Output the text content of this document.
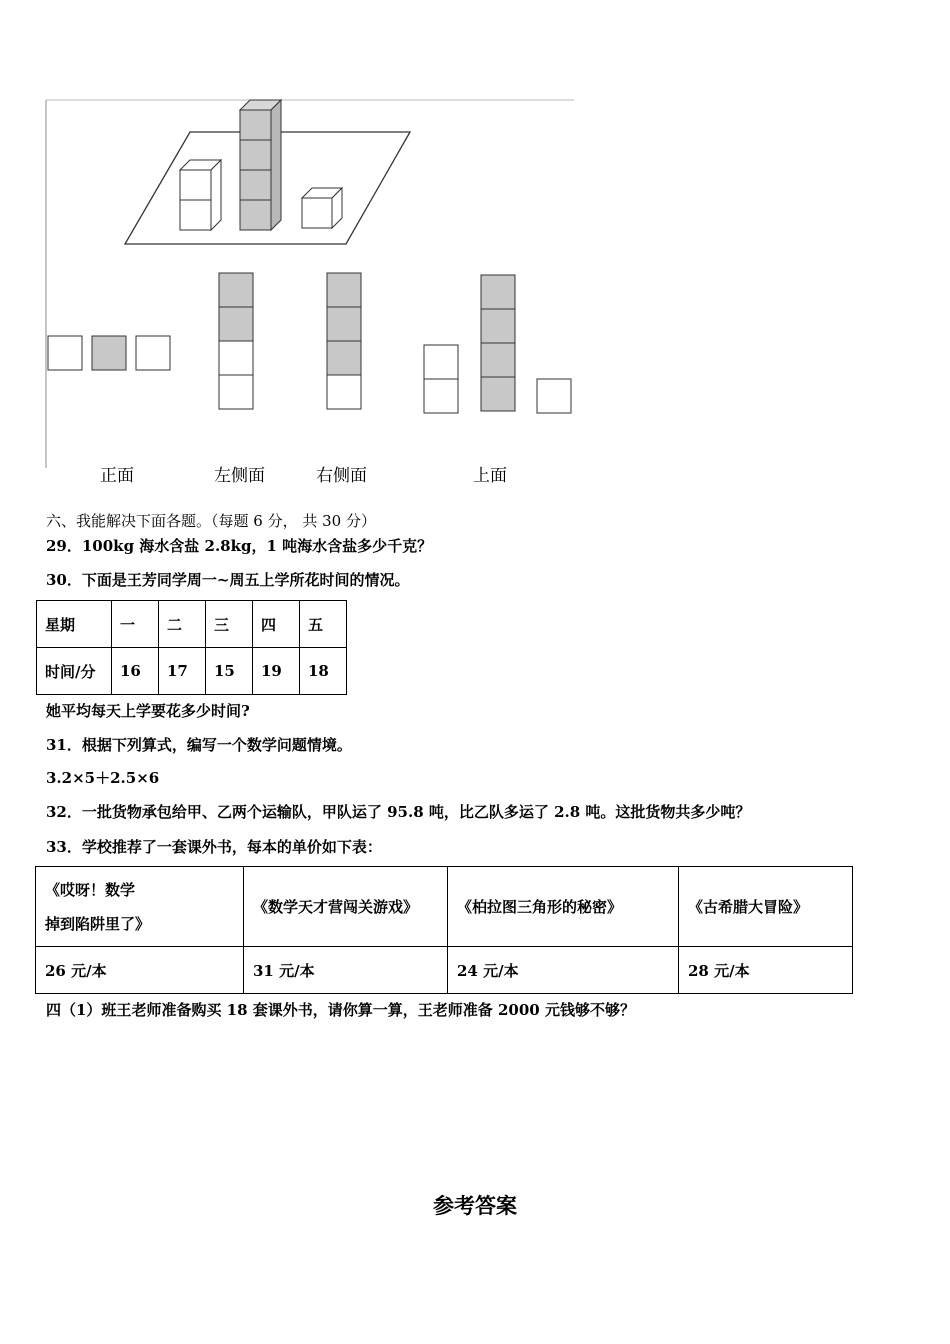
正面	左侧面	右侧面	上面
六、我能解决下面各题。（每题 6 分， 共 30 分）
29．100kg 海水含盐 2.8kg，1 吨海水含盐多少千克？
30．下面是王芳同学周一~周五上学所花时间的情况。
星期	一	二	三	四	五
时间/分	16	17	15	19	18
她平均每天上学要花多少时间?
31．根据下列算式，编写一个数学问题情境。
3.2×5＋2.5×6
32．一批货物承包给甲、乙两个运输队，甲队运了 95.8 吨，比乙队多运了 2.8 吨。这批货物共多少吨？
33．学校推荐了一套课外书，每本的单价如下表：
《哎呀！数学
掉到陷阱里了》	《数学天才营闯关游戏》	《柏拉图三角形的秘密》	《古希腊大冒险》
26 元/本	31 元/本	24 元/本	28 元/本
四（1）班王老师准备购买 18 套课外书，请你算一算，王老师准备 2000 元钱够不够？
参考答案
